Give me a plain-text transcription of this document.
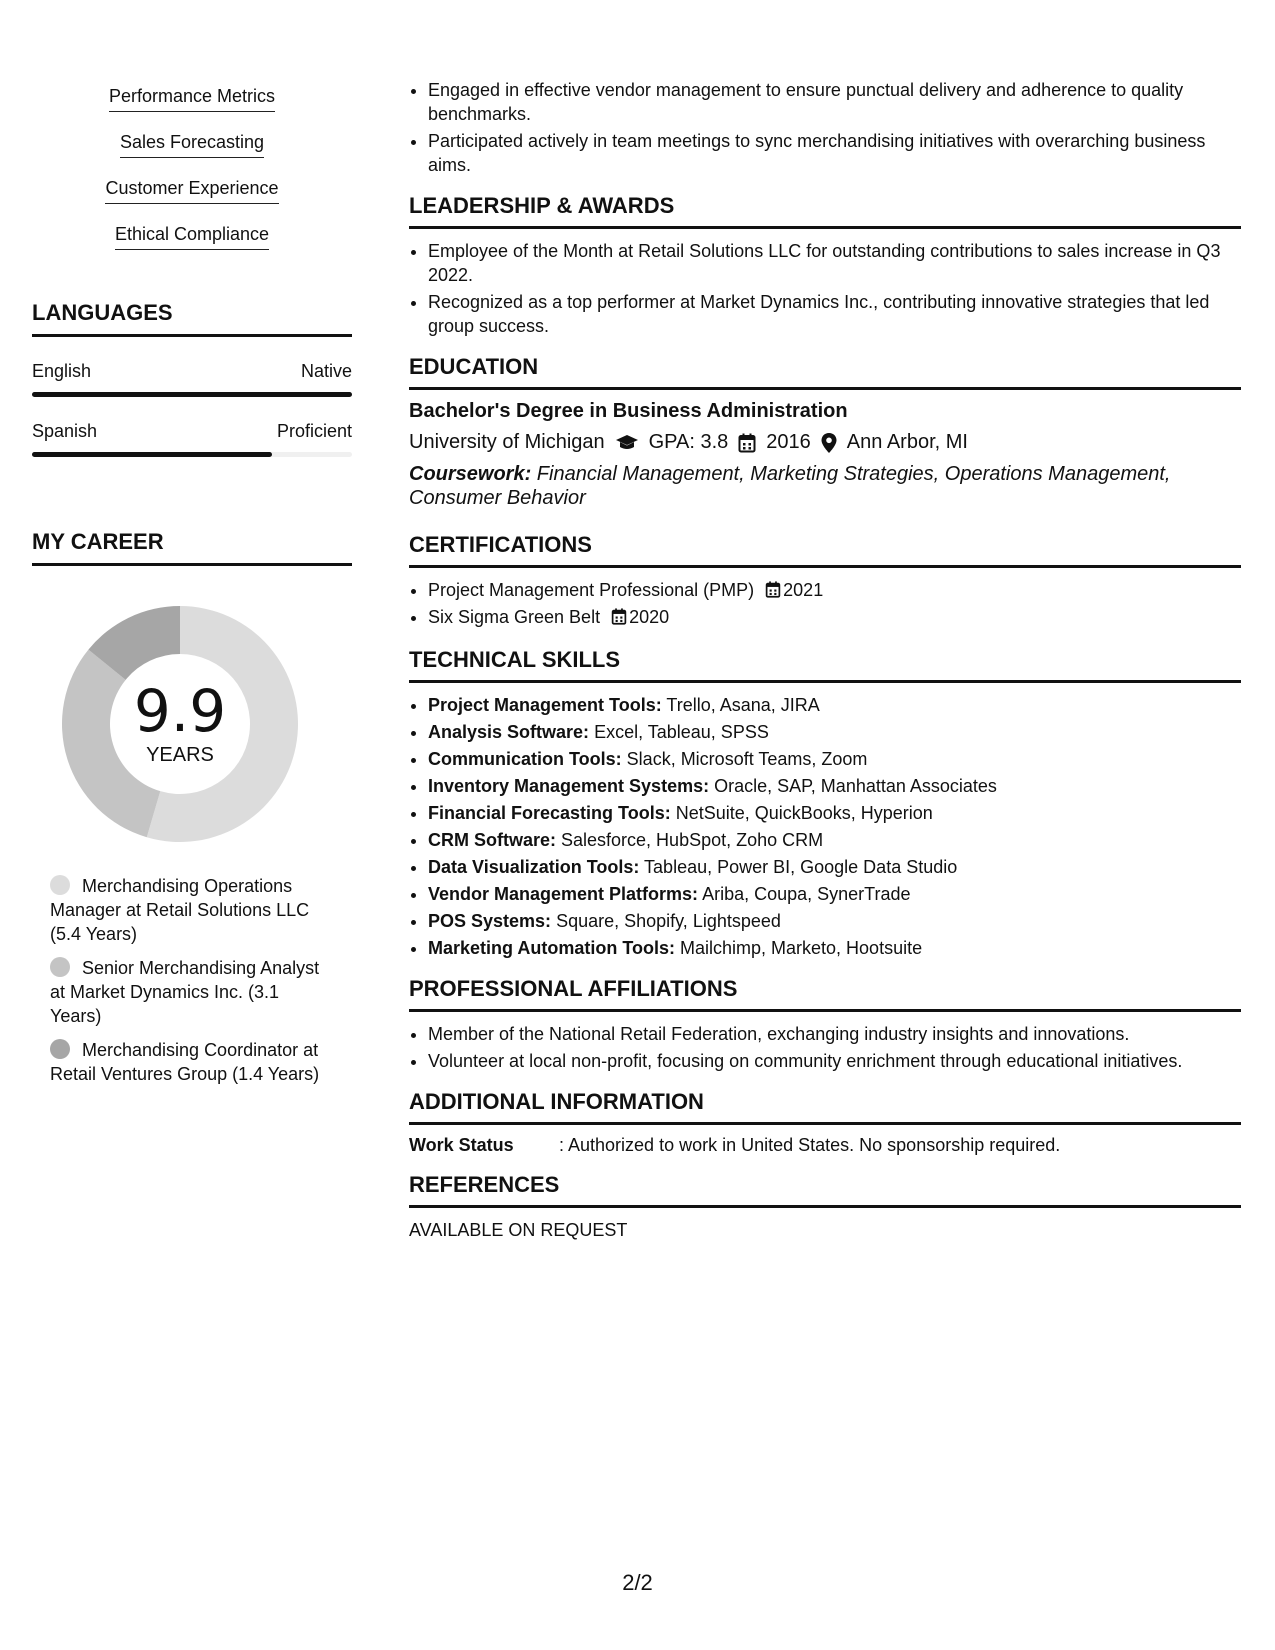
Performance Metrics
Sales Forecasting
Customer Experience
Ethical Compliance
LANGUAGES
English	Native
Spanish	Proficient
MY CAREER
9.9
YEARS
Merchandising Operations Manager at Retail Solutions LLC (5.4 Years)
Senior Merchandising Analyst at Market Dynamics Inc. (3.1 Years)
Merchandising Coordinator at Retail Ventures Group (1.4 Years)
• Engaged in effective vendor management to ensure punctual delivery and adherence to quality benchmarks.
• Participated actively in team meetings to sync merchandising initiatives with overarching business aims.
LEADERSHIP & AWARDS
• Employee of the Month at Retail Solutions LLC for outstanding contributions to sales increase in Q3 2022.
• Recognized as a top performer at Market Dynamics Inc., contributing innovative strategies that led group success.
EDUCATION
Bachelor's Degree in Business Administration
University of Michigan GPA: 3.8 2016 Ann Arbor, MI
Coursework: Financial Management, Marketing Strategies, Operations Management, Consumer Behavior
CERTIFICATIONS
• Project Management Professional (PMP) 2021
• Six Sigma Green Belt 2020
TECHNICAL SKILLS
• Project Management Tools: Trello, Asana, JIRA
• Analysis Software: Excel, Tableau, SPSS
• Communication Tools: Slack, Microsoft Teams, Zoom
• Inventory Management Systems: Oracle, SAP, Manhattan Associates
• Financial Forecasting Tools: NetSuite, QuickBooks, Hyperion
• CRM Software: Salesforce, HubSpot, Zoho CRM
• Data Visualization Tools: Tableau, Power BI, Google Data Studio
• Vendor Management Platforms: Ariba, Coupa, SynerTrade
• POS Systems: Square, Shopify, Lightspeed
• Marketing Automation Tools: Mailchimp, Marketo, Hootsuite
PROFESSIONAL AFFILIATIONS
• Member of the National Retail Federation, exchanging industry insights and innovations.
• Volunteer at local non-profit, focusing on community enrichment through educational initiatives.
ADDITIONAL INFORMATION
Work Status	: Authorized to work in United States. No sponsorship required.
REFERENCES
AVAILABLE ON REQUEST
2/2
